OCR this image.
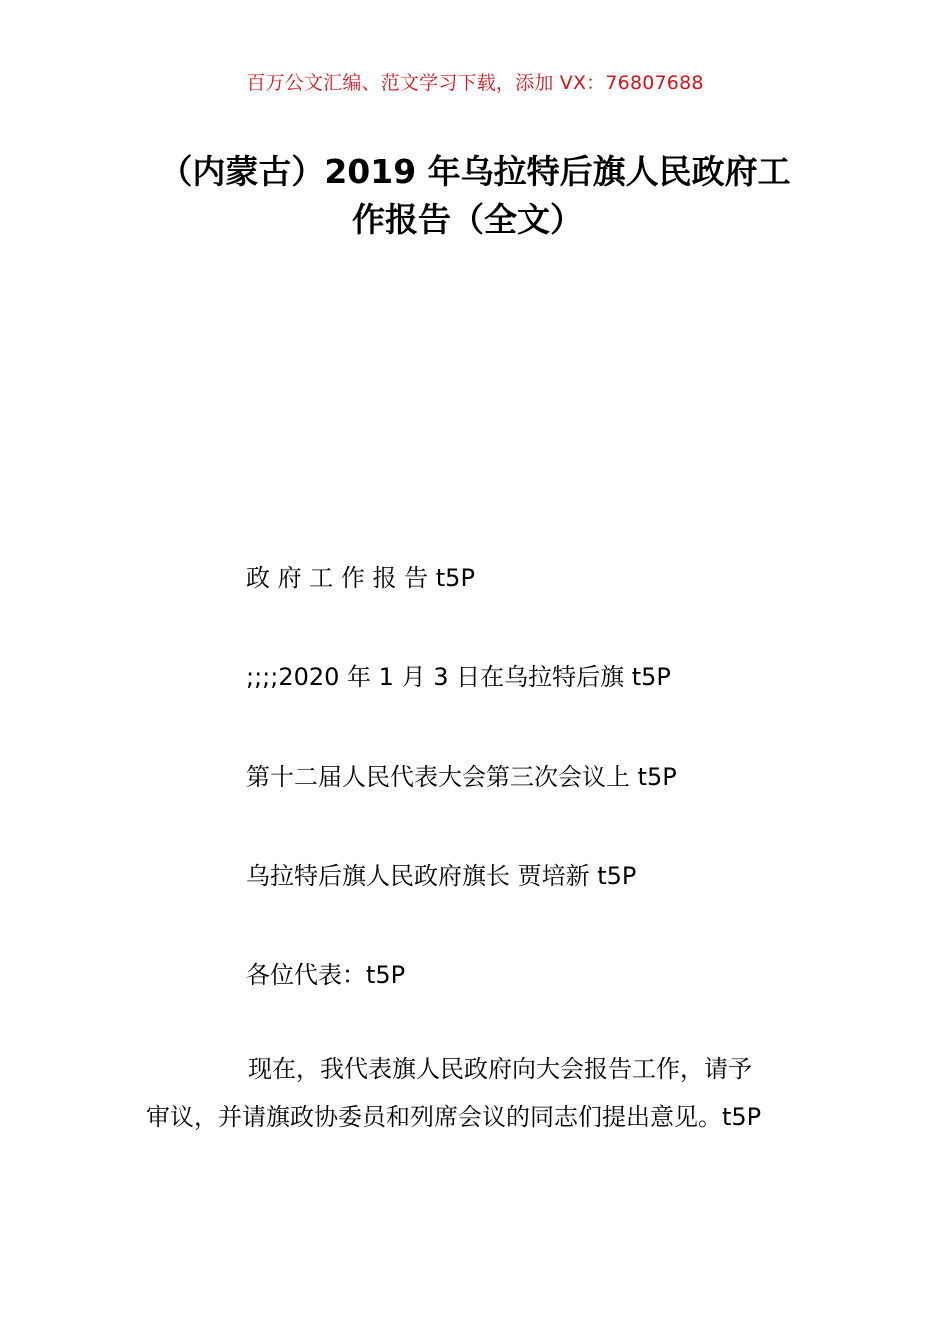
百万公文汇编、范文学习下载，添加 VX：76807688
（内蒙古）2019 年乌拉特后旗人民政府工
作报告（全文）
政 府 工 作 报 告 t5P
;;;;2020 年 1 月 3 日在乌拉特后旗 t5P
第十二届人民代表大会第三次会议上 t5P
乌拉特后旗人民政府旗长 贾培新 t5P
各位代表：t5P
现在，我代表旗人民政府向大会报告工作，请予
审议，并请旗政协委员和列席会议的同志们提出意见。t5P
